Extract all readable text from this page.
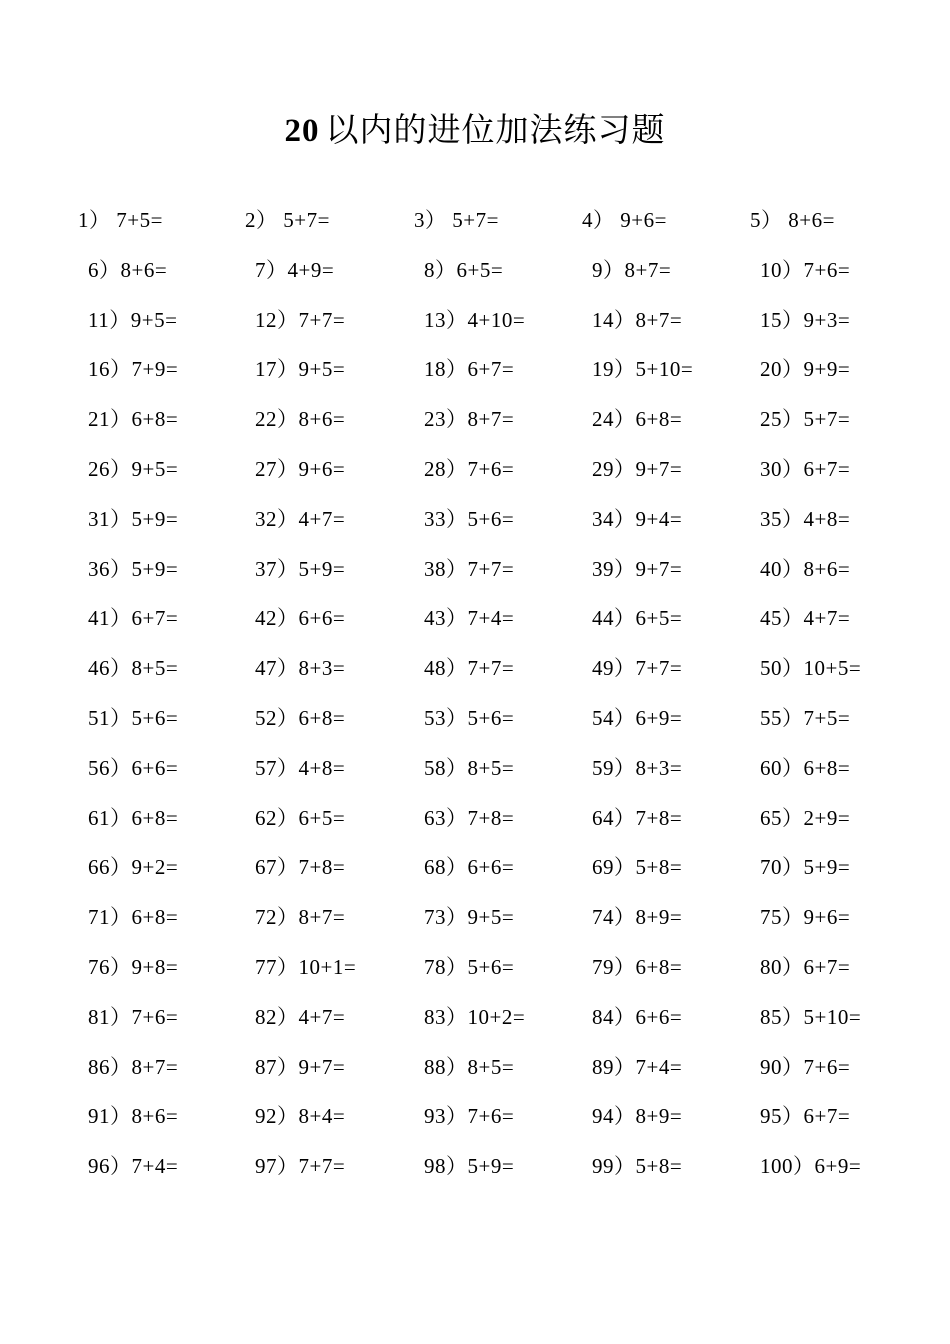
20 以内的进位加法练习题
1） 7+5=	2） 5+7=	3） 5+7=	4） 9+6=	5） 8+6=
6）8+6=	7）4+9=	8）6+5=	9）8+7=	10）7+6=
11）9+5=	12）7+7=	13）4+10=	14）8+7=	15）9+3=
16）7+9=	17）9+5=	18）6+7=	19）5+10=	20）9+9=
21）6+8=	22）8+6=	23）8+7=	24）6+8=	25）5+7=
26）9+5=	27）9+6=	28）7+6=	29）9+7=	30）6+7=
31）5+9=	32）4+7=	33）5+6=	34）9+4=	35）4+8=
36）5+9=	37）5+9=	38）7+7=	39）9+7=	40）8+6=
41）6+7=	42）6+6=	43）7+4=	44）6+5=	45）4+7=
46）8+5=	47）8+3=	48）7+7=	49）7+7=	50）10+5=
51）5+6=	52）6+8=	53）5+6=	54）6+9=	55）7+5=
56）6+6=	57）4+8=	58）8+5=	59）8+3=	60）6+8=
61）6+8=	62）6+5=	63）7+8=	64）7+8=	65）2+9=
66）9+2=	67）7+8=	68）6+6=	69）5+8=	70）5+9=
71）6+8=	72）8+7=	73）9+5=	74）8+9=	75）9+6=
76）9+8=	77）10+1=	78）5+6=	79）6+8=	80）6+7=
81）7+6=	82）4+7=	83）10+2=	84）6+6=	85）5+10=
86）8+7=	87）9+7=	88）8+5=	89）7+4=	90）7+6=
91）8+6=	92）8+4=	93）7+6=	94）8+9=	95）6+7=
96）7+4=	97）7+7=	98）5+9=	99）5+8=	100）6+9=
